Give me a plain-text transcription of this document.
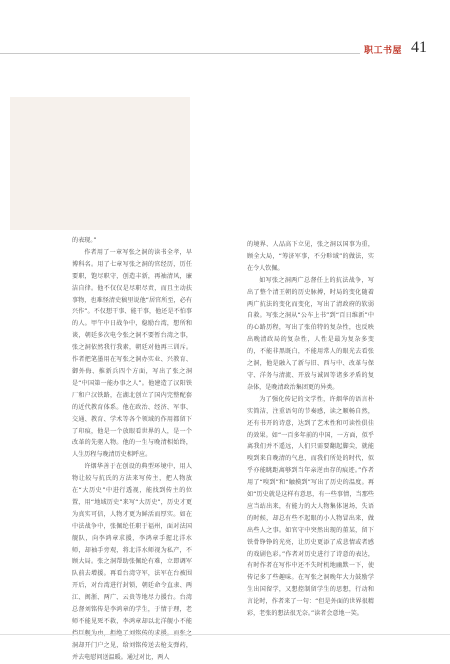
职工书屋 41

的表现。”

作者用了一章写张之洞的读书全孝，早博科名。用了七章写张之洞的官经历，历任要职，饱尽职守，创造丰新，再袖清风，廉洁自律。他不仅仅是尽职尽责，而且主动扶事物，也难怪清史稿里说他“居官所至，必有兴作”。不仅想干事、能干事，他还是不怕事的人。甲午中日战争中，稳励台湾，想所和谈，朝廷多次电令张之洞不要暂台湾之事，张之洞依然我行我素，朝廷对他再三训斥。作者把笔墨用在写张之洞办实业、兴教育、御外侮、推新兵四个方面，写出了张之洞是“中国第一能办事之人”。他建造了汉阳铁厂和户汉铁路，在湖北创立了国内完整配套的近代教育体系。他在政治、经济、军事、交通、教育、学术等各个领域的作用都留下了印痕，他是一个放眼看世界的人，是一个改革的先驱人物。他的一生与晚清相始终，人生历程与晚清历史相呼应。

许烟华善于在创设的典型环境中，用人物让较与抗氏的方法来写传主，把人物放在“大历史”中进行透视，能找到传主的位置，用“地域历史”来写“大历史”，历史才更为真实可信，人物才更为鲜活而厚实。如在中法战争中，张佩纶任职于福州，面对法国舰队，向李鸿章求援，李鸿章手握北洋水师，却袖手旁观，将北洋水师视为私产，不顾大局。张之洞帮助张佩纶有难，立即调军队前去增援。再看台湾守军，法军在台被围开后，对台湾进行封锁，朝廷命令直隶、两江、闽浙、两广、云贵等地尽力援台。台湾总督刘铭传是李鸿章的学生，于情于理，老师不能见死不救，李鸿章却以北洋舰小不能挡巨舰为由，拒绝了刘铭传的求援。而张之洞却开门户之见，给刘铭传送去枪支弹药，并去电慰问送温暖。通过对比，两人

的境界、人品高下立见，张之洞以国事为重，顾全大局，“筹济军事，不分畛域”的做法，实在令人钦佩。

如写张之洞两广总督任上的抗法战争，写出了整个清王朝的历史脉搏，时局的变化随着两广抗法的变化而变化，写出了清政府的软弱自救。写张之洞从“公车上书”到“百日维新”中的心路历程，写出了张伯特的复杂性，也反映出晚清政局的复杂性，人性是最为复杂多变的，不能非黑既白，不能用常人的眼光去看张之洞，他是融入了新与旧、西与中、改革与保守、洋务与清流、开放与诚固等诸多矛盾的复杂体，是晚清政治集团更的异类。

为了强化传记的文学性，许烟华的语言朴实简洁，注重语句的节奏感，读之顺畅自然，还有书开的诗意，达到了艺术性和可读性俱佳的效果。如“一百多年前的中国，一方面，似乎离我们并不遥远，人们只需要翻起脚尖，就能嗅到来自晚清的气息，而我们所处的时代，似乎亦能眺距离够到当年亲逆由存的痕迹。”作者用了“嗅到”和“触摸到”写出了历史的温度。再如“历史就是这样有意思，有一些事情，当那些应当站出来，有能力的大人物集体退场，失语的时候，却总有些不起眼的小人物冒出来，做出些人之事。如官守中突然出现的董某，留下铁骨铮铮的光亮，让历史更添了成悲情或者感的戏剧色彩。”作者对历史进行了诗意的表达，有时作者在写作中还不失时机地幽默一下，使传记多了些趣味。在写张之洞晚年大力鼓励学生出国留学，又想控制留学生的思想，行动和言论时，作者来了一句：“但是外面的世界很精彩，老张的想法很无奈。”读者会意地一笑。
